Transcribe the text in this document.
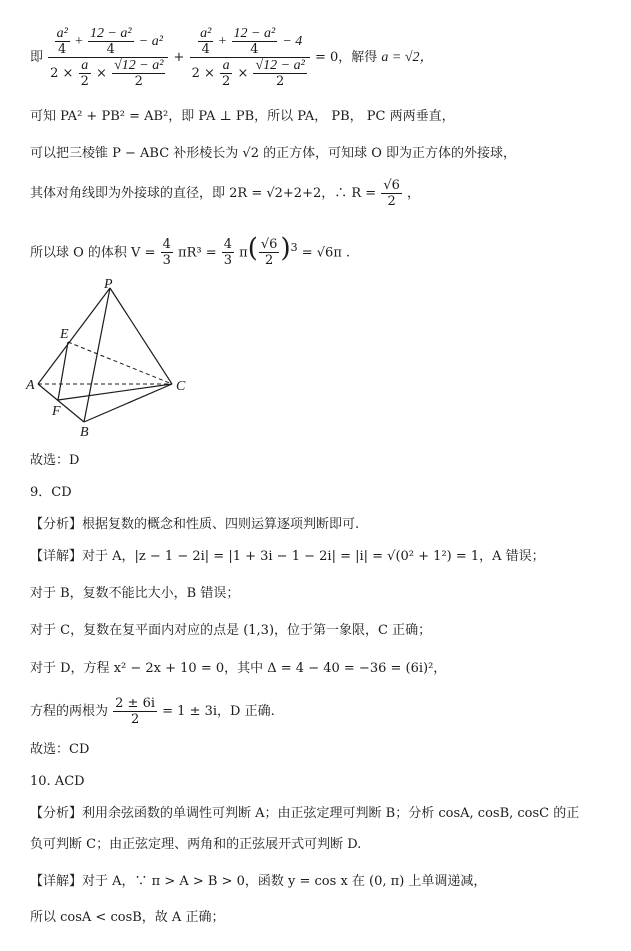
即 $\frac{\frac{\text{a²}}{4} + \frac{\text{12 − a²}}{4} - a^2}{2 \times \frac{a}{2} \times \frac{\text{√12 − a²}}{2}} + \frac{\frac{\text{a²}}{4} + \frac{\text{12 − a²}}{4} - 4}{2 \times \frac{a}{2} \times \frac{\text{√12 − a²}}{2}} = 0$，解得 a = √2，
可知 PA² + PB² = AB²，即 PA ⊥ PB，所以 PA， PB， PC 两两垂直，
可以把三棱锥 P − ABC 补形棱长为 √2 的正方体，可知球 O 即为正方体的外接球，
其体对角线即为外接球的直径，即 2R = √2+2+2，∴ $R = \frac{√6}{2}$ ，
所以球 O 的体积 $V = \frac{4}{3} \pi R^3 = \frac{4}{3} \pi( \frac{√6}{2} )^3 = √6\pi$ .
P
E
A
F
B
C
故选：D
9．CD
【分析】根据复数的概念和性质、四则运算逐项判断即可.
【详解】对于 A，|z − 1 − 2i| = |1 + 3i − 1 − 2i| = |i| = √(0² + 1²) = 1，A 错误；
对于 B，复数不能比大小，B 错误；
对于 C，复数在复平面内对应的点是 (1,3)，位于第一象限，C 正确；
对于 D，方程 x² − 2x + 10 = 0，其中 Δ = 4 − 40 = −36 = (6i)²，
方程的两根为 $\frac{2 \pm 6i}{2} = 1 \pm 3i$，D 正确.
故选：CD
10. ACD
【分析】利用余弦函数的单调性可判断 A；由正弦定理可判断 B；分析 cosA, cosB, cosC 的正
负可判断 C；由正弦定理、两角和的正弦展开式可判断 D.
【详解】对于 A，∵ π > A > B > 0，函数 y = cos x 在 (0, π) 上单调递减，
所以 cosA < cosB，故 A 正确；
